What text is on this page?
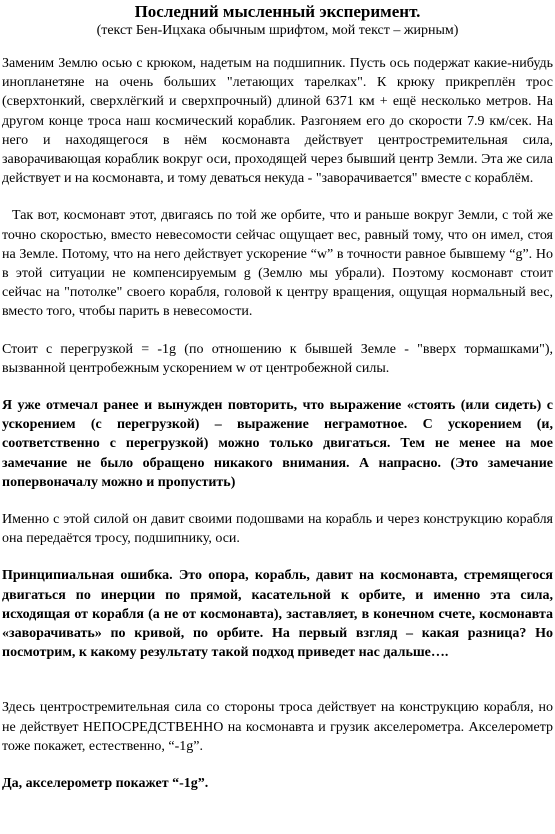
Последний мысленный эксперимент.

(текст Бен-Ицхака обычным шрифтом, мой текст – жирным)

Заменим Землю осью с крюком, надетым на подшипник. Пусть ось подержат какие-нибудь инопланетяне на очень больших "летающих тарелках". К крюку прикреплён трос (сверхтонкий, сверхлёгкий и сверхпрочный) длиной 6371 км + ещё несколько метров. На другом конце троса наш космический кораблик. Разгоняем его до скорости 7.9 км/сек. На него и находящегося в нём космонавта действует центростремительная сила, заворачивающая кораблик вокруг оси, проходящей через бывший центр Земли. Эта же сила действует и на космонавта, и тому деваться некуда - "заворачивается" вместе с кораблём.

Так вот, космонавт этот, двигаясь по той же орбите, что и раньше вокруг Земли, с той же точно скоростью, вместо невесомости сейчас ощущает вес, равный тому, что он имел, стоя на Земле. Потому, что на него действует ускорение “w” в точности равное бывшему “g”. Но в этой ситуации не компенсируемым g (Землю мы убрали). Поэтому космонавт стоит сейчас на "потолке" своего корабля, головой к центру вращения, ощущая нормальный вес, вместо того, чтобы парить в невесомости.

Стоит с перегрузкой = -1g (по отношению к бывшей Земле - "вверх тормашками"), вызванной центробежным ускорением w от центробежной силы.

Я уже отмечал ранее и вынужден повторить, что выражение «стоять (или сидеть) с ускорением (с перегрузкой) – выражение неграмотное. С ускорением (и, соответственно с перегрузкой) можно только двигаться. Тем не менее на мое замечание не было обращено никакого внимания. А напрасно. (Это замечание попервоначалу можно и пропустить)

Именно с этой силой он давит своими подошвами на корабль и через конструкцию корабля она передаётся тросу, подшипнику, оси.

Принципиальная ошибка. Это опора, корабль, давит на космонавта, стремящегося двигаться по инерции по прямой, касательной к орбите, и именно эта сила, исходящая от корабля (а не от космонавта), заставляет, в конечном счете, космонавта «заворачивать» по кривой, по орбите. На первый взгляд – какая разница? Но посмотрим, к какому результату такой подход приведет нас дальше….

Здесь центростремительная сила со стороны троса действует на конструкцию корабля, но не действует НЕПОСРЕДСТВЕННО на космонавта и грузик акселерометра. Акселерометр тоже покажет, естественно, “-1g”.

Да, акселерометр покажет “-1g”.
